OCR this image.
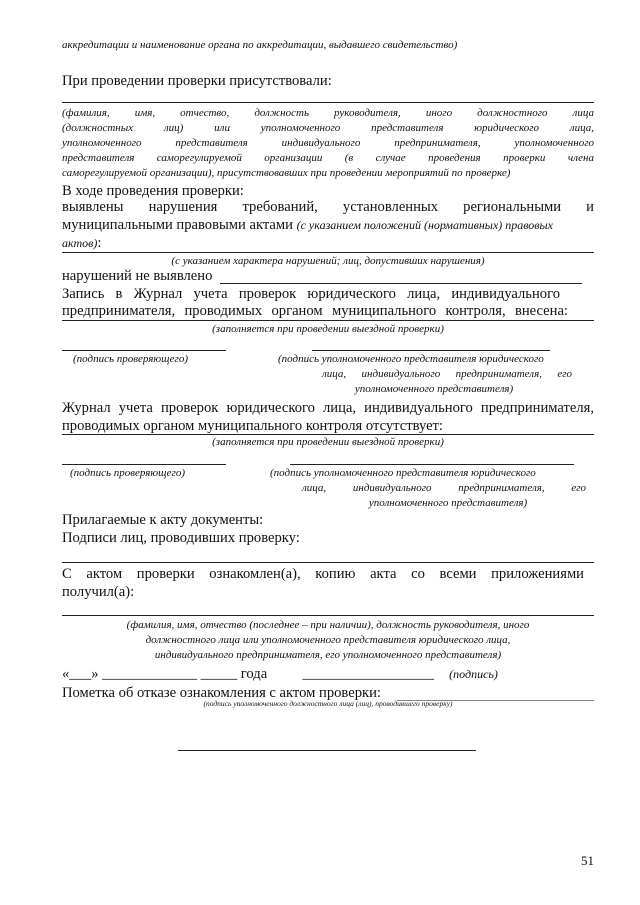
аккредитации и наименование органа по аккредитации, выдавшего свидетельство)
При проведении проверки присутствовали:
(фамилия, имя, отчество, должность руководителя, иного должностного лица
(должностных лиц) или уполномоченного представителя юридического лица,
уполномоченного представителя индивидуального предпринимателя, уполномоченного
представителя саморегулируемой организации (в случае проведения проверки члена
саморегулируемой организации), присутствовавших при проведении мероприятий по проверке)
В ходе проведения проверки:
выявлены нарушения требований, установленных региональными и
муниципальными правовыми актами (с указанием положений (нормативных) правовых
актов):
(с указанием характера нарушений; лиц, допустивших нарушения)
нарушений не выявлено
Запись в Журнал учета проверок юридического лица, индивидуального
предпринимателя, проводимых органом муниципального контроля, внесена:
(заполняется при проведении выездной проверки)
(подпись проверяющего)	(подпись уполномоченного представителя юридического
лица, индивидуального предпринимателя, его
уполномоченного представителя)
Журнал учета проверок юридического лица, индивидуального предпринимателя,
проводимых органом муниципального контроля отсутствует:
(заполняется при проведении выездной проверки)
(подпись проверяющего)	(подпись уполномоченного представителя юридического
лица, индивидуального предпринимателя, его
уполномоченного представителя)
Прилагаемые к акту документы:
Подписи лиц, проводивших проверку:
С актом проверки ознакомлен(а), копию акта со всеми приложениями
получил(а):
(фамилия, имя, отчество (последнее – при наличии), должность руководителя, иного
должностного лица или уполномоченного представителя юридического лица,
индивидуального предпринимателя, его уполномоченного представителя)
«___» _____________ _____ года __________________ (подпись)
Пометка об отказе ознакомления с актом проверки:
(подпись уполномоченного должностного лица (лиц), проводившего проверку)
51
